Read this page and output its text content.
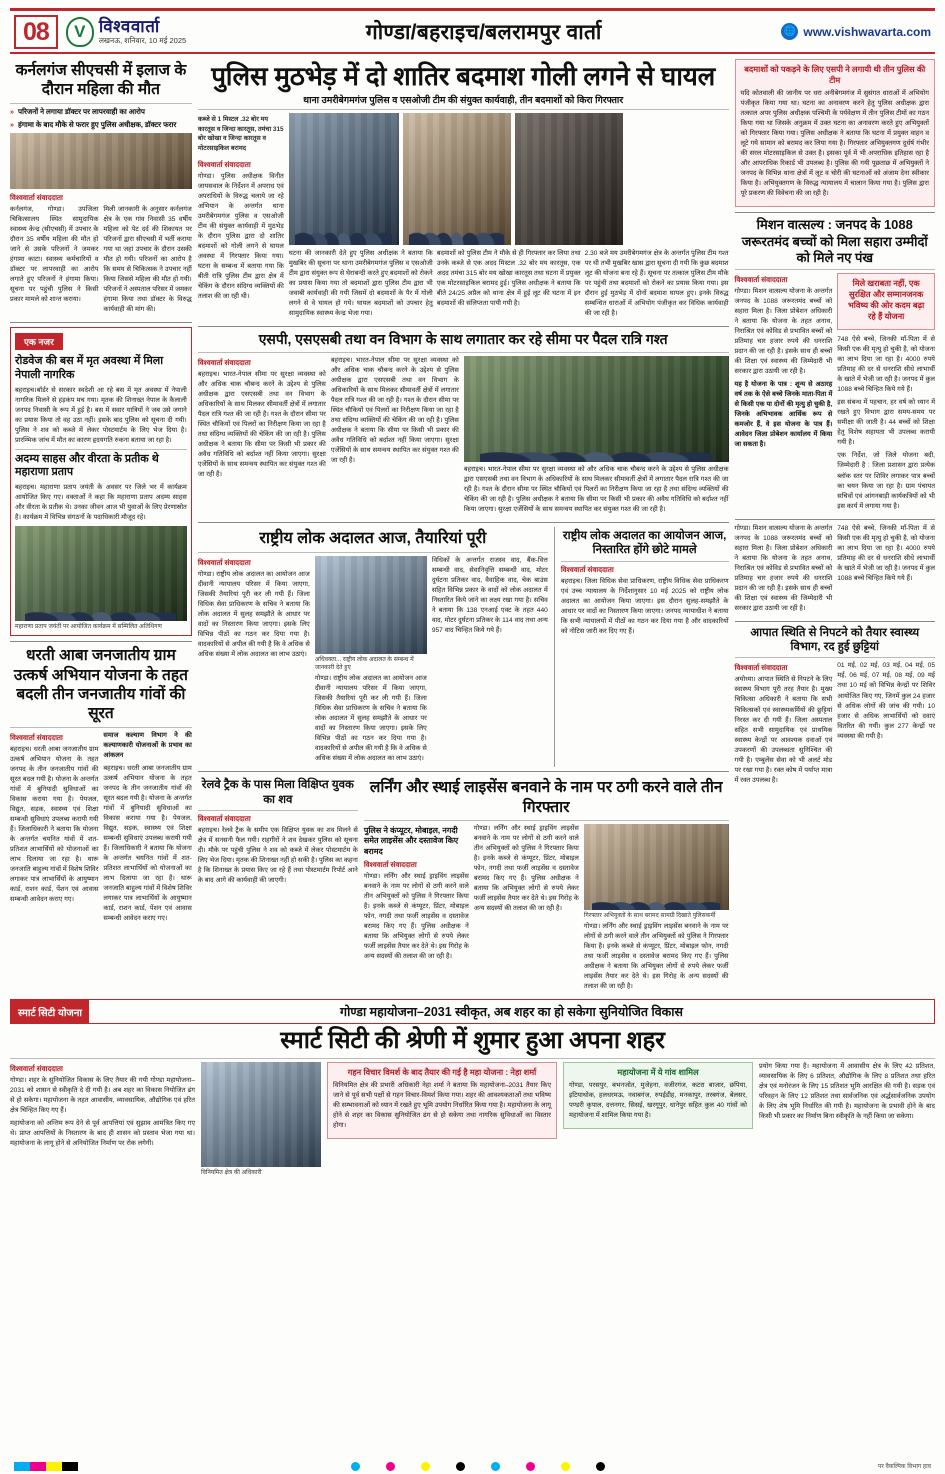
08	V विश्ववार्ता
लखनऊ, शनिवार, 10 मई 2025	गोण्डा/बहराइच/बलरामपुर वार्ता	🌐 www.vishwavarta.com
कर्नलगंज सीएचसी में इलाज के दौरान महिला की मौत
» परिजनों ने लगाया डॉक्टर पर लापरवाही का आरोप
» हंगामा के बाद मौके से फरार हुए पुलिस अधीक्षक, डॉक्टर फरार
विश्ववार्ता संवाददाता

कर्नलगंज, गोण्डा। उपजिला चिकित्सालय स्थित सामुदायिक स्वास्थ्य केन्द्र (सीएचसी) में उपचार के दौरान 35 वर्षीय महिला की मौत हो जाने से उसके परिजनों ने जमकर हंगामा काटा। स्वास्थ्य कर्मचारियों व डॉक्टर पर लापरवाही का आरोप लगाते हुए परिजनों ने हंगामा किया। सूचना पर पहुंची पुलिस ने किसी प्रकार मामले को शान्त कराया।

मिली जानकारी के अनुसार कर्नलगंज क्षेत्र के एक गांव निवासी 35 वर्षीय महिला को पेट दर्द की शिकायत पर परिजनों द्वारा सीएचसी में भर्ती कराया गया था जहां उपचार के दौरान उसकी मौत हो गयी। परिजनों का आरोप है कि समय से चिकित्सक ने उपचार नहीं किया जिससे महिला की मौत हो गयी। परिजनों ने अस्पताल परिसर में जमकर हंगामा किया तथा डॉक्टर के विरुद्ध कार्यवाही की मांग की।

एक नजर
रोडवेज की बस में मृत अवस्था में मिला नेपाली नागरिक

बहराइच।बॉर्डर से सरकार स्वदेशी आ रहे बस में मृत अवस्था में नेपाली नागरिक मिलने से हड़कंप मच गया। मृतक की शिनाख्त नेपाल के कैलाली जनपद निवासी के रूप में हुई है। बस में सवार यात्रियों ने जब उसे जगाने का प्रयास किया तो वह उठा नहीं। इसके बाद पुलिस को सूचना दी गयी। पुलिस ने शव को कब्जे में लेकर पोस्टमार्टम के लिए भेज दिया है। प्रारम्भिक जांच में मौत का कारण हृदयगति रुकना बताया जा रहा है।

अदम्य साहस और वीरता के प्रतीक थे महाराणा प्रताप

बहराइच। महाराणा प्रताप जयंती के अवसर पर जिले भर में कार्यक्रम आयोजित किए गए। वक्ताओं ने कहा कि महाराणा प्रताप अदम्य साहस और वीरता के प्रतीक थे। उनका जीवन आज भी युवाओं के लिए प्रेरणास्रोत है। कार्यक्रम में विभिन्न संगठनों के पदाधिकारी मौजूद रहे।

महाराणा प्रताप जयंती पर आयोजित कार्यक्रम में सम्मिलित अतिथिगण
धरती आबा जनजातीय ग्राम उत्कर्ष अभियान योजना के तहत बदली तीन जनजातीय गांवों की सूरत
विश्ववार्ता संवाददाता

बहराइच। धरती आबा जनजातीय ग्राम उत्कर्ष अभियान योजना के तहत जनपद के तीन जनजातीय गांवों की सूरत बदल गयी है। योजना के अन्तर्गत गांवों में बुनियादी सुविधाओं का विकास कराया गया है। पेयजल, विद्युत, सड़क, स्वास्थ्य एवं शिक्षा सम्बन्धी सुविधाएं उपलब्ध करायी गयी हैं। जिलाधिकारी ने बताया कि योजना के अन्तर्गत चयनित गांवों में शत-प्रतिशत लाभार्थियों को योजनाओं का लाभ दिलाया जा रहा है। थारू जनजाति बाहुल्य गांवों में विशेष शिविर लगाकर पात्र लाभार्थियों के आयुष्मान कार्ड, राशन कार्ड, पेंशन एवं आवास सम्बन्धी आवेदन कराए गए।

समाज कल्याण विभाग ने की कल्याणकारी योजनाओं के प्रभाव का आंकलन

बहराइच। धरती आबा जनजातीय ग्राम उत्कर्ष अभियान योजना के तहत जनपद के तीन जनजातीय गांवों की सूरत बदल गयी है। योजना के अन्तर्गत गांवों में बुनियादी सुविधाओं का विकास कराया गया है। पेयजल, विद्युत, सड़क, स्वास्थ्य एवं शिक्षा सम्बन्धी सुविधाएं उपलब्ध करायी गयी हैं। जिलाधिकारी ने बताया कि योजना के अन्तर्गत चयनित गांवों में शत-प्रतिशत लाभार्थियों को योजनाओं का लाभ दिलाया जा रहा है। थारू जनजाति बाहुल्य गांवों में विशेष शिविर लगाकर पात्र लाभार्थियों के आयुष्मान कार्ड, राशन कार्ड, पेंशन एवं आवास सम्बन्धी आवेदन कराए गए।

पुलिस मुठभेड़ में दो शातिर बदमाश गोली लगने से घायल
थाना उमरीबेगमगंज पुलिस व एसओजी टीम की संयुक्त कार्यवाही, तीन बदमाशों को किरा गिरफ्तार
कब्जे से 1 मिस्टल .32 बोर मय कारतूस व जिन्दा कारतूस, तमंचा 315 बोर खोखा व जिन्दा कारतूस व मोटरसाइकिल बरामद
विश्ववार्ता संवाददाता

गोण्डा। पुलिस अधीक्षक विनीत जायसवाल के निर्देशन में अपराध एवं अपराधियों के विरुद्ध चलाये जा रहे अभियान के अन्तर्गत थाना उमरीबेगमगंज पुलिस व एसओजी टीम की संयुक्त कार्यवाही में मुठभेड़ के दौरान पुलिस द्वारा दो शातिर बदमाशों को गोली लगने से घायल अवस्था में गिरफ्तार किया गया। घटना के सम्बन्ध में बताया गया कि बीती रात्रि पुलिस टीम द्वारा क्षेत्र में चेकिंग के दौरान संदिग्ध व्यक्तियों की तलाश की जा रही थी।

घटना की जानकारी देते हुए पुलिस अधीक्षक ने बताया कि मुखबिर की सूचना पर थाना उमरीबेगमगंज पुलिस व एसओजी टीम द्वारा संयुक्त रूप से घेराबन्दी करते हुए बदमाशों को रोकने का प्रयास किया गया तो बदमाशों द्वारा पुलिस टीम द्वारा भी जवाबी कार्यवाही की गयी जिसमें दो बदमाशों के पैर में गोली लगने से वे घायल हो गये। घायल बदमाशों को उपचार हेतु सामुदायिक स्वास्थ्य केन्द्र भेजा गया।

बदमाशों को पुलिस टीम ने मौके से ही गिरफ्तार कर लिया तथा उनके कब्जे से एक अदद मिस्टल .32 बोर मय कारतूस, एक अदद तमंचा 315 बोर मय खोखा कारतूस तथा घटना में प्रयुक्त एक मोटरसाइकिल बरामद हुई। पुलिस अधीक्षक ने बताया कि बीते 24/25 अप्रैल को थाना क्षेत्र में हुई लूट की घटना में इन बदमाशों की संलिप्तता पायी गयी है।

2.30 बजे मय उमरीबेगमगंज क्षेत्र के अन्तर्गत पुलिस टीम गश्त पर थी तभी मुखबिर खास द्वारा सूचना दी गयी कि कुछ बदमाश लूट की योजना बना रहे हैं। सूचना पर तत्काल पुलिस टीम मौके पर पहुंची तथा बदमाशों को रोकने का प्रयास किया गया। इस दौरान हुई मुठभेड़ में दोनों बदमाश घायल हुए। इनके विरुद्ध सम्बन्धित धाराओं में अभियोग पंजीकृत कर विधिक कार्यवाही की जा रही है।

एसपी, एसएसबी तथा वन विभाग के साथ लगातार कर रहे सीमा पर पैदल रात्रि गश्त
विश्ववार्ता संवाददाता

बहराइच। भारत-नेपाल सीमा पर सुरक्षा व्यवस्था को और अधिक चाक चौबन्द करने के उद्देश्य से पुलिस अधीक्षक द्वारा एसएसबी तथा वन विभाग के अधिकारियों के साथ मिलकर सीमावर्ती क्षेत्रों में लगातार पैदल रात्रि गश्त की जा रही है। गश्त के दौरान सीमा पर स्थित चौकियों एवं पिलरों का निरीक्षण किया जा रहा है तथा संदिग्ध व्यक्तियों की चेकिंग की जा रही है। पुलिस अधीक्षक ने बताया कि सीमा पर किसी भी प्रकार की अवैध गतिविधि को बर्दाश्त नहीं किया जाएगा। सुरक्षा एजेंसियों के साथ समन्वय स्थापित कर संयुक्त गश्त की जा रही है।

बहराइच। भारत-नेपाल सीमा पर सुरक्षा व्यवस्था को और अधिक चाक चौबन्द करने के उद्देश्य से पुलिस अधीक्षक द्वारा एसएसबी तथा वन विभाग के अधिकारियों के साथ मिलकर सीमावर्ती क्षेत्रों में लगातार पैदल रात्रि गश्त की जा रही है। गश्त के दौरान सीमा पर स्थित चौकियों एवं पिलरों का निरीक्षण किया जा रहा है तथा संदिग्ध व्यक्तियों की चेकिंग की जा रही है। पुलिस अधीक्षक ने बताया कि सीमा पर किसी भी प्रकार की अवैध गतिविधि को बर्दाश्त नहीं किया जाएगा। सुरक्षा एजेंसियों के साथ समन्वय स्थापित कर संयुक्त गश्त की जा रही है।

बहराइच। भारत-नेपाल सीमा पर सुरक्षा व्यवस्था को और अधिक चाक चौबन्द करने के उद्देश्य से पुलिस अधीक्षक द्वारा एसएसबी तथा वन विभाग के अधिकारियों के साथ मिलकर सीमावर्ती क्षेत्रों में लगातार पैदल रात्रि गश्त की जा रही है। गश्त के दौरान सीमा पर स्थित चौकियों एवं पिलरों का निरीक्षण किया जा रहा है तथा संदिग्ध व्यक्तियों की चेकिंग की जा रही है। पुलिस अधीक्षक ने बताया कि सीमा पर किसी भी प्रकार की अवैध गतिविधि को बर्दाश्त नहीं किया जाएगा। सुरक्षा एजेंसियों के साथ समन्वय स्थापित कर संयुक्त गश्त की जा रही है।

राष्ट्रीय लोक अदालत आज, तैयारियां पूरी
विश्ववार्ता संवाददाता

गोण्डा। राष्ट्रीय लोक अदालत का आयोजन आज दीवानी न्यायालय परिसर में किया जाएगा, जिसकी तैयारियां पूरी कर ली गयी हैं। जिला विधिक सेवा प्राधिकरण के सचिव ने बताया कि लोक अदालत में सुलह समझौते के आधार पर वादों का निस्तारण किया जाएगा। इसके लिए विभिन्न पीठों का गठन कर दिया गया है। वादकारियों से अपील की गयी है कि वे अधिक से अधिक संख्या में लोक अदालत का लाभ उठाएं।

अधिवक्ता... राष्ट्रीय लोक अदालत के सम्बन्ध में जानकारी देते हुए

गोण्डा। राष्ट्रीय लोक अदालत का आयोजन आज दीवानी न्यायालय परिसर में किया जाएगा, जिसकी तैयारियां पूरी कर ली गयी हैं। जिला विधिक सेवा प्राधिकरण के सचिव ने बताया कि लोक अदालत में सुलह समझौते के आधार पर वादों का निस्तारण किया जाएगा। इसके लिए विभिन्न पीठों का गठन कर दिया गया है। वादकारियों से अपील की गयी है कि वे अधिक से अधिक संख्या में लोक अदालत का लाभ उठाएं।

विधिकों के अन्तर्गत राजस्व वाद, बैंक-वित्त सम्बन्धी वाद, सेवानिवृत्ति सम्बन्धी वाद, मोटर दुर्घटना प्रतिकर वाद, वैवाहिक वाद, चेक बाउंस सहित विभिन्न प्रकार के वादों को लोक अदालत में निस्तारित किये जाने का लक्ष्य रखा गया है। सचिव ने बताया कि 138 एनआई एक्ट के तहत 440 वाद, मोटर दुर्घटना प्रतिकर के 114 वाद तथा अन्य 957 वाद चिन्हित किये गये हैं।

राष्ट्रीय लोक अदालत का आयोजन आज, निस्तारित होंगे छोटे मामले
विश्ववार्ता संवाददाता

बहराइच। जिला विधिक सेवा प्राधिकरण, राष्ट्रीय विधिक सेवा प्राधिकरण एवं उच्च न्यायालय के निर्देशानुसार 10 मई 2025 को राष्ट्रीय लोक अदालत का आयोजन किया जाएगा। इस दौरान सुलह-समझौते के आधार पर वादों का निस्तारण किया जाएगा। जनपद न्यायाधीश ने बताया कि सभी न्यायालयों में पीठों का गठन कर दिया गया है और वादकारियों को नोटिस जारी कर दिए गए हैं।

रेलवे ट्रैक के पास मिला विक्षिप्त युवक का शव
विश्ववार्ता संवाददाता

बहराइच। रेलवे ट्रैक के समीप एक विक्षिप्त युवक का शव मिलने से क्षेत्र में सनसनी फैल गयी। राहगीरों ने शव देखकर पुलिस को सूचना दी। मौके पर पहुंची पुलिस ने शव को कब्जे में लेकर पोस्टमार्टम के लिए भेज दिया। मृतक की शिनाख्त नहीं हो सकी है। पुलिस का कहना है कि शिनाख्त के प्रयास किए जा रहे हैं तथा पोस्टमार्टम रिपोर्ट आने के बाद आगे की कार्यवाही की जाएगी।

लर्निंग और स्थाई लाइसेंस बनवाने के नाम पर ठगी करने वाले तीन गिरफ्तार
पुलिस ने कंप्यूटर, मोबाइल, नगदी समेत लाइसेंस और दस्तावेज किए बरामद
विश्ववार्ता संवाददाता

गोण्डा। लर्निंग और स्थाई ड्राइविंग लाइसेंस बनवाने के नाम पर लोगों से ठगी करने वाले तीन अभियुक्तों को पुलिस ने गिरफ्तार किया है। इनके कब्जे से कंप्यूटर, प्रिंटर, मोबाइल फोन, नगदी तथा फर्जी लाइसेंस व दस्तावेज बरामद किए गए हैं। पुलिस अधीक्षक ने बताया कि अभियुक्त लोगों से रुपये लेकर फर्जी लाइसेंस तैयार कर देते थे। इस गिरोह के अन्य सदस्यों की तलाश की जा रही है।

गोण्डा। लर्निंग और स्थाई ड्राइविंग लाइसेंस बनवाने के नाम पर लोगों से ठगी करने वाले तीन अभियुक्तों को पुलिस ने गिरफ्तार किया है। इनके कब्जे से कंप्यूटर, प्रिंटर, मोबाइल फोन, नगदी तथा फर्जी लाइसेंस व दस्तावेज बरामद किए गए हैं। पुलिस अधीक्षक ने बताया कि अभियुक्त लोगों से रुपये लेकर फर्जी लाइसेंस तैयार कर देते थे। इस गिरोह के अन्य सदस्यों की तलाश की जा रही है।

गिरफ्तार अभियुक्तों के साथ बरामद सामग्री दिखाते पुलिसकर्मी

गोण्डा। लर्निंग और स्थाई ड्राइविंग लाइसेंस बनवाने के नाम पर लोगों से ठगी करने वाले तीन अभियुक्तों को पुलिस ने गिरफ्तार किया है। इनके कब्जे से कंप्यूटर, प्रिंटर, मोबाइल फोन, नगदी तथा फर्जी लाइसेंस व दस्तावेज बरामद किए गए हैं। पुलिस अधीक्षक ने बताया कि अभियुक्त लोगों से रुपये लेकर फर्जी लाइसेंस तैयार कर देते थे। इस गिरोह के अन्य सदस्यों की तलाश की जा रही है।

बदमाशों को पकड़ने के लिए एसपी ने लगायी थी तीन पुलिस की टीम

यदि कोतवाली की जानीय पर धरा अनीबेगमगंज में सुसंगत धाराओं में अभियोग पंजीकृत किया गया था। घटना का अनावरण करने हेतु पुलिस अधीक्षक द्वारा तत्काल अपर पुलिस अधीक्षक पश्चिमी के पर्यवेक्षण में तीन पुलिस टीमों का गठन किया गया था जिसके अनुक्रम में उक्त घटना का अनावरण करते हुए अभियुक्तों को गिरफ्तार किया गया। पुलिस अधीक्षक ने बताया कि घटना में प्रयुक्त वाहन व लूटे गये सामान को बरामद कर लिया गया है। गिरफ्तार अभियुक्तगण दुर्धर्ष गंभीर की सरल मोटरसाइकिल से उक्त है। इसका पूर्व में भी अपराधिक इतिहास रहा है और आपराधिक रिकार्ड भी उपलब्ध है। पुलिस की गयी पूछताछ में अभियुक्तों ने जनपद के विभिन्न थाना क्षेत्रों में लूट व चोरी की घटनाओं को अंजाम देना स्वीकार किया है। अभियुक्तगण के विरुद्ध न्यायालय में चालान किया गया है। पुलिस द्वारा पूरे प्रकरण की विवेचना की जा रही है।

मिशन वात्सल्य : जनपद के 1088 जरूरतमंद बच्चों को मिला सहारा उम्मीदों को मिले नए पंख
विश्ववार्ता संवाददाता

गोण्डा। मिशन वात्सल्य योजना के अन्तर्गत जनपद के 1088 जरूरतमंद बच्चों को सहारा मिला है। जिला प्रोबेशन अधिकारी ने बताया कि योजना के तहत अनाथ, निराश्रित एवं कोविड से प्रभावित बच्चों को प्रतिमाह चार हजार रुपये की धनराशि प्रदान की जा रही है। इसके साथ ही बच्चों की शिक्षा एवं स्वास्थ्य की जिम्मेदारी भी सरकार द्वारा उठायी जा रही है।

यह है योजना के पात्र : शून्य से अठारह वर्ष तक के ऐसे बच्चे जिनके माता-पिता में से किसी एक या दोनों की मृत्यु हो चुकी है, जिनके अभिभावक आर्थिक रूप से कमजोर हैं, वे इस योजना के पात्र हैं। आवेदन जिला प्रोबेशन कार्यालय में किया जा सकता है।

मिले खराबता नहीं, एक सुरक्षित और सम्मानजनक भविष्य की ओर कदम बढ़ा रहे हैं योजना

748 ऐसे बच्चे, जिनकी माँ-पिता में से किसी एक की मृत्यु हो चुकी है, को योजना का लाभ दिया जा रहा है। 4000 रुपये प्रतिमाह की दर से धनराशि सीधे लाभार्थी के खाते में भेजी जा रही है। जनपद में कुल 1088 बच्चे चिन्हित किये गये हैं।

इस संबन्ध में पहचान, हर वर्ष को ध्यान में रखते हुए विभाग द्वारा समय-समय पर समीक्षा की जाती है। 44 बच्चों को शिक्षा हेतु विशेष सहायता भी उपलब्ध करायी गयी है।

एक निर्देश, जो जिले योजना बदी, जिम्मेदारी है : जिला प्रशासन द्वारा प्रत्येक ब्लॉक स्तर पर शिविर लगाकर पात्र बच्चों का चयन किया जा रहा है। ग्राम पंचायत सचिवों एवं आंगनबाड़ी कार्यकत्रियों को भी इस कार्य में लगाया गया है।

गोण्डा। मिशन वात्सल्य योजना के अन्तर्गत जनपद के 1088 जरूरतमंद बच्चों को सहारा मिला है। जिला प्रोबेशन अधिकारी ने बताया कि योजना के तहत अनाथ, निराश्रित एवं कोविड से प्रभावित बच्चों को प्रतिमाह चार हजार रुपये की धनराशि प्रदान की जा रही है। इसके साथ ही बच्चों की शिक्षा एवं स्वास्थ्य की जिम्मेदारी भी सरकार द्वारा उठायी जा रही है।

748 ऐसे बच्चे, जिनकी माँ-पिता में से किसी एक की मृत्यु हो चुकी है, को योजना का लाभ दिया जा रहा है। 4000 रुपये प्रतिमाह की दर से धनराशि सीधे लाभार्थी के खाते में भेजी जा रही है। जनपद में कुल 1088 बच्चे चिन्हित किये गये हैं।

आपात स्थिति से निपटने को तैयार स्वास्थ्य विभाग, रद हुई छुट्टियां
विश्ववार्ता संवाददाता

अयोध्या। आपात स्थिति से निपटने के लिए स्वास्थ्य विभाग पूरी तरह तैयार है। मुख्य चिकित्सा अधिकारी ने बताया कि सभी चिकित्सकों एवं स्वास्थ्यकर्मियों की छुट्टियां निरस्त कर दी गयी हैं। जिला अस्पताल सहित सभी सामुदायिक एवं प्राथमिक स्वास्थ्य केन्द्रों पर आवश्यक दवाओं एवं उपकरणों की उपलब्धता सुनिश्चित की गयी है। एम्बुलेंस सेवा को भी अलर्ट मोड पर रखा गया है। रक्त कोष में पर्याप्त मात्रा में रक्त उपलब्ध है।

01 मई, 02 मई, 03 मई, 04 मई, 05 मई, 06 मई, 07 मई, 08 मई, 09 मई तथा 10 मई को विभिन्न केन्द्रों पर शिविर आयोजित किए गए, जिनमें कुल 24 हजार से अधिक लोगों की जांच की गयी। 10 हजार से अधिक लाभार्थियों को दवाएं वितरित की गयीं। कुल 277 केन्द्रों पर व्यवस्था की गयी है।

स्मार्ट सिटी योजना	गोण्डा महायोजना–2031 स्वीकृत, अब शहर का हो सकेगा सुनियोजित विकास
स्मार्ट सिटी की श्रेणी में शुमार हुआ अपना शहर
विश्ववार्ता संवाददाता

गोण्डा। शहर के सुनियोजित विकास के लिए तैयार की गयी गोण्डा महायोजना–2031 को शासन से स्वीकृति दे दी गयी है। अब शहर का विकास नियोजित ढंग से हो सकेगा। महायोजना के तहत आवासीय, व्यावसायिक, औद्योगिक एवं हरित क्षेत्र चिन्हित किए गए हैं।

महायोजना को अन्तिम रूप देने से पूर्व आपत्तियां एवं सुझाव आमंत्रित किए गए थे। प्राप्त आपत्तियों के निस्तारण के बाद ही शासन को प्रस्ताव भेजा गया था। महायोजना के लागू होने से अनियोजित निर्माण पर रोक लगेगी।

विनियमित क्षेत्र की अधिकारी
गहन विचार विमर्श के बाद तैयार की गई है महा योजना : नेहा शर्मा

विनियमित क्षेत्र की प्रभारी अधिकारी नेहा शर्मा ने बताया कि महायोजना–2031 तैयार किए जाने से पूर्व सभी पक्षों से गहन विचार-विमर्श किया गया। शहर की आवश्यकताओं तथा भविष्य की सम्भावनाओं को ध्यान में रखते हुए भूमि उपयोग निर्धारित किया गया है। महायोजना के लागू होने से शहर का विकास सुनियोजित ढंग से हो सकेगा तथा नागरिक सुविधाओं का विस्तार होगा।

महायोजना में ये गांव शामिल

गोण्डा, परसपुर, बभनजोत, मुजेहना, वजीरगंज, कटरा बाजार, छपिया, इटियाथोक, हलधरमऊ, नवाबगंज, रुपईडीह, मनकापुर, तरबगंज, बेलसर, पण्डरी कृपाल, दत्तनगर, सिसई, खरगूपुर, धानेपुर सहित कुल 40 गांवों को महायोजना में शामिल किया गया है।

प्रयोग किया गया है। महायोजना में आवासीय क्षेत्र के लिए 42 प्रतिशत, व्यावसायिक के लिए 6 प्रतिशत, औद्योगिक के लिए 8 प्रतिशत तथा हरित क्षेत्र एवं मनोरंजन के लिए 15 प्रतिशत भूमि आरक्षित की गयी है। सड़क एवं परिवहन के लिए 12 प्रतिशत तथा सार्वजनिक एवं अर्द्धसार्वजनिक उपयोग के लिए शेष भूमि निर्धारित की गयी है। महायोजना के प्रभावी होने के बाद किसी भी प्रकार का निर्माण बिना स्वीकृति के नहीं किया जा सकेगा।

पर वैकल्पिक विभाग हाव
